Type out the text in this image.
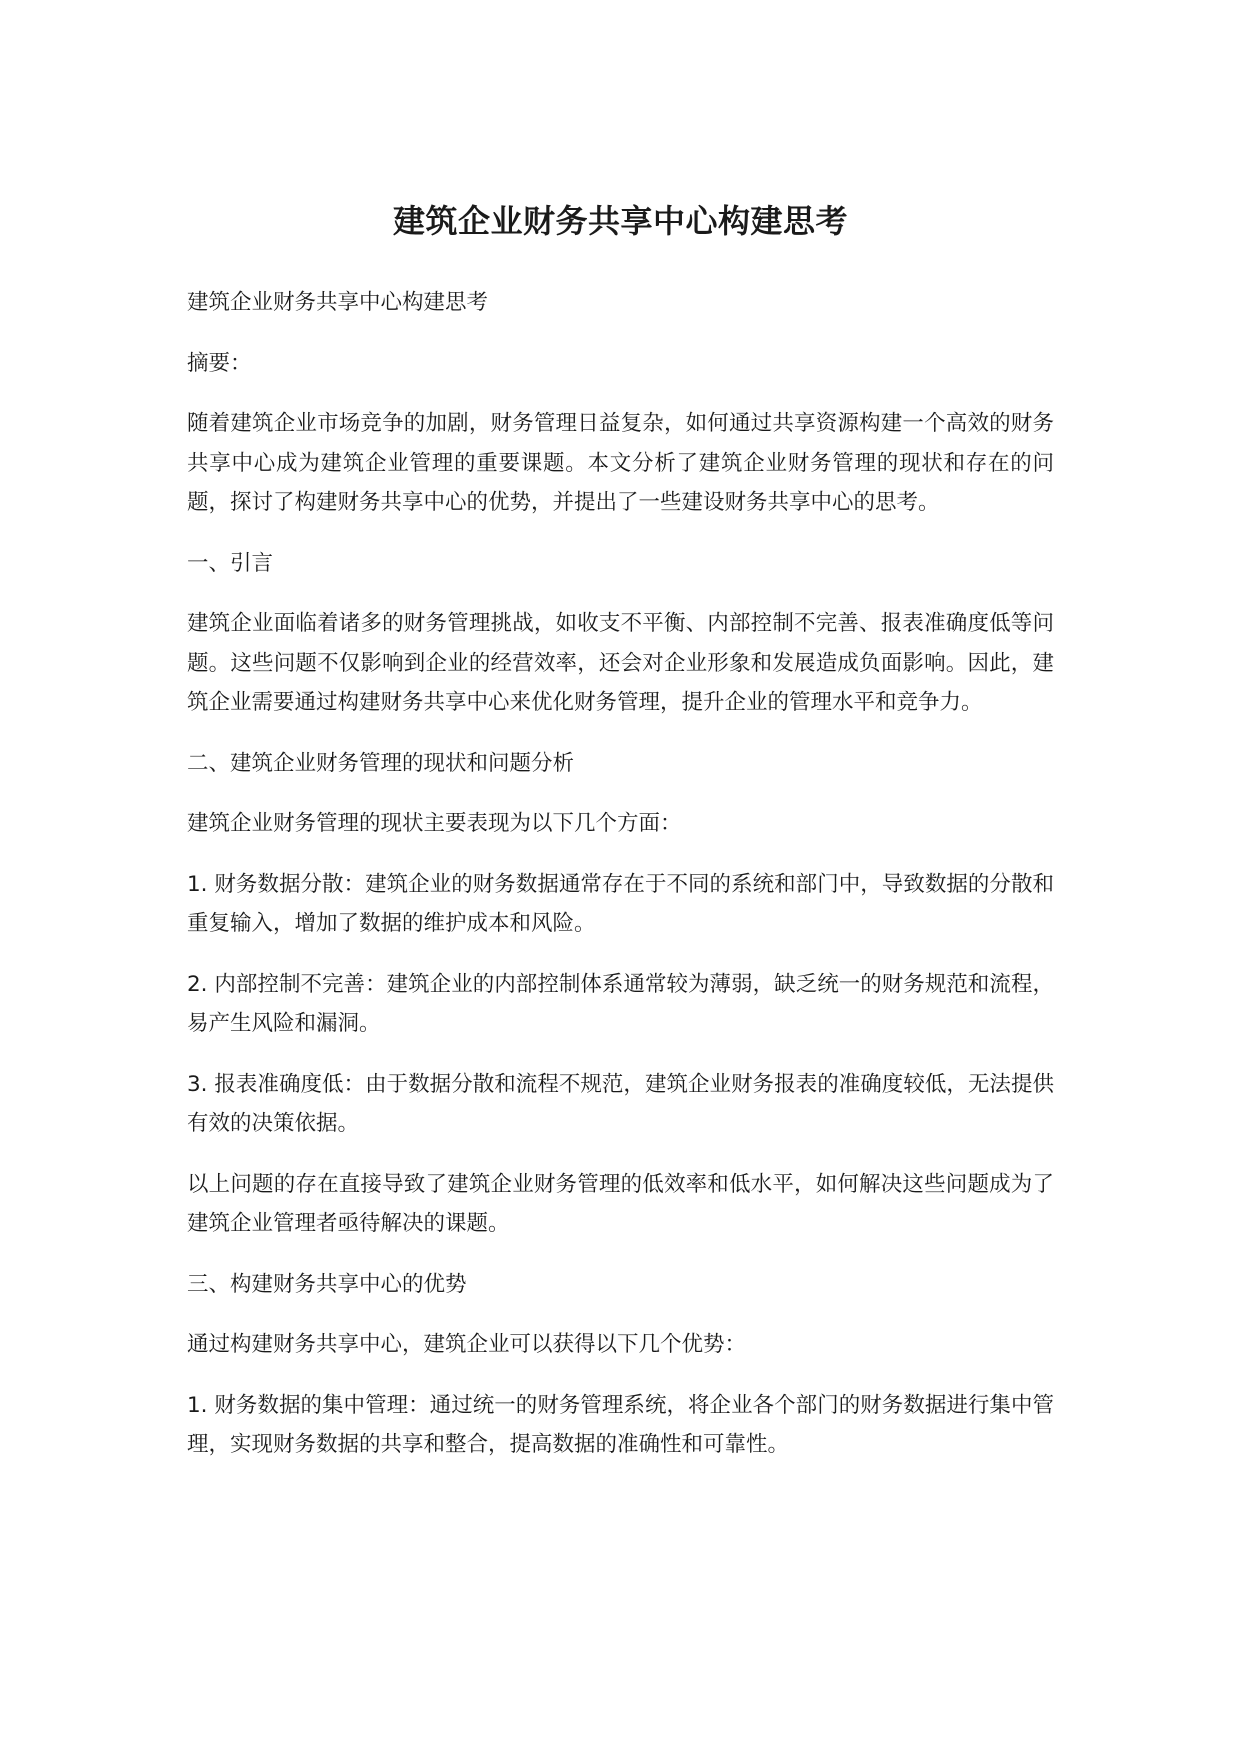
建筑企业财务共享中心构建思考

建筑企业财务共享中心构建思考

摘要：

随着建筑企业市场竞争的加剧，财务管理日益复杂，如何通过共享资源构建一个高效的财务共享中心成为建筑企业管理的重要课题。本文分析了建筑企业财务管理的现状和存在的问题，探讨了构建财务共享中心的优势，并提出了一些建设财务共享中心的思考。

一、引言

建筑企业面临着诸多的财务管理挑战，如收支不平衡、内部控制不完善、报表准确度低等问题。这些问题不仅影响到企业的经营效率，还会对企业形象和发展造成负面影响。因此，建筑企业需要通过构建财务共享中心来优化财务管理，提升企业的管理水平和竞争力。

二、建筑企业财务管理的现状和问题分析

建筑企业财务管理的现状主要表现为以下几个方面：

1. 财务数据分散：建筑企业的财务数据通常存在于不同的系统和部门中，导致数据的分散和重复输入，增加了数据的维护成本和风险。

2. 内部控制不完善：建筑企业的内部控制体系通常较为薄弱，缺乏统一的财务规范和流程，易产生风险和漏洞。

3. 报表准确度低：由于数据分散和流程不规范，建筑企业财务报表的准确度较低，无法提供有效的决策依据。

以上问题的存在直接导致了建筑企业财务管理的低效率和低水平，如何解决这些问题成为了建筑企业管理者亟待解决的课题。

三、构建财务共享中心的优势

通过构建财务共享中心，建筑企业可以获得以下几个优势：

1. 财务数据的集中管理：通过统一的财务管理系统，将企业各个部门的财务数据进行集中管理，实现财务数据的共享和整合，提高数据的准确性和可靠性。
